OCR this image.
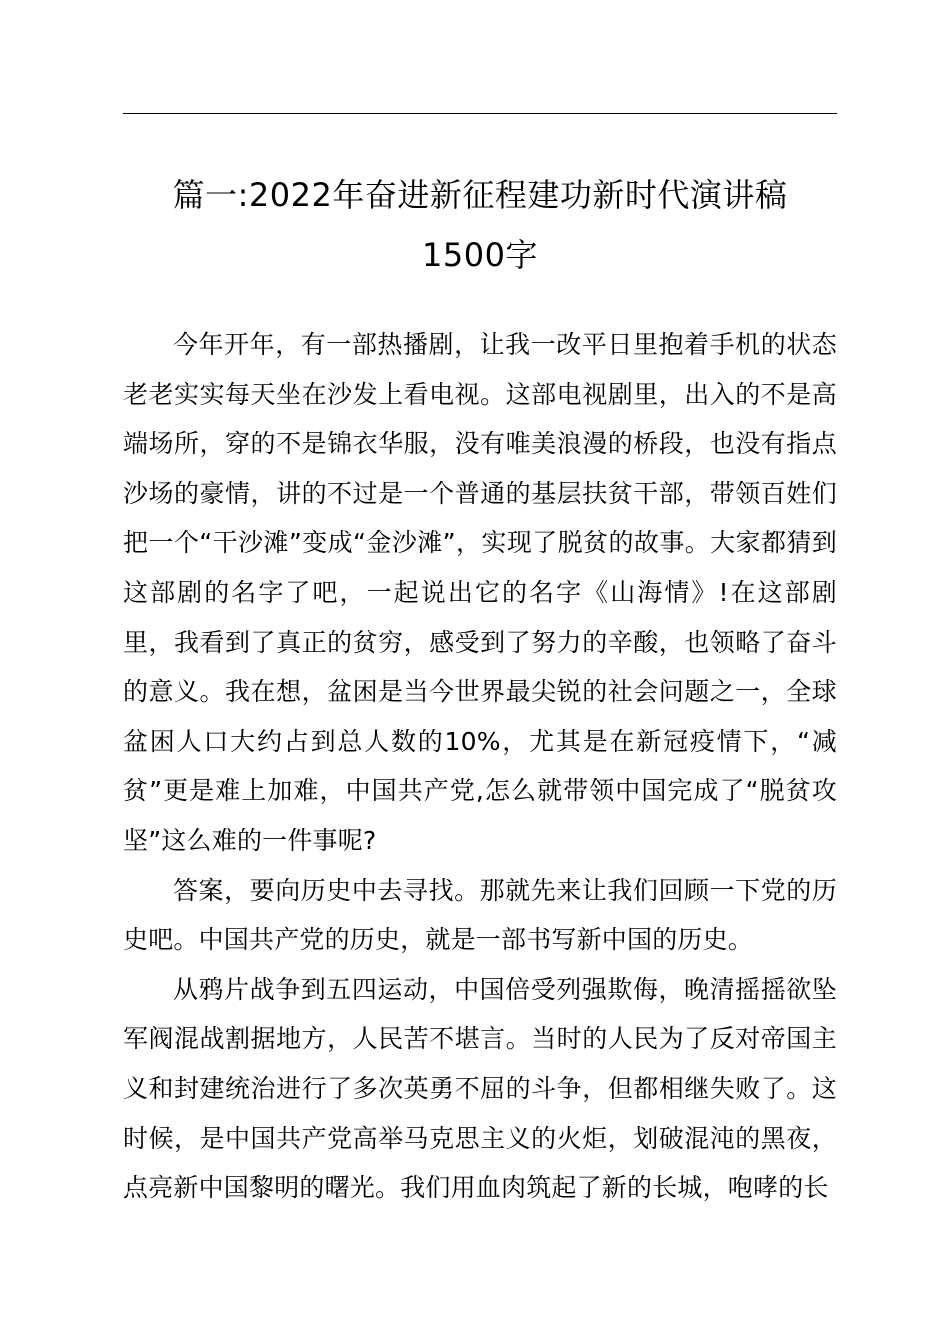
篇一:2022年奋进新征程建功新时代演讲稿
1500字

今年开年，有一部热播剧，让我一改平日里抱着手机的状态老老实实每天坐在沙发上看电视。这部电视剧里，出入的不是高端场所，穿的不是锦衣华服，没有唯美浪漫的桥段，也没有指点沙场的豪情，讲的不过是一个普通的基层扶贫干部，带领百姓们把一个“干沙滩”变成“金沙滩”，实现了脱贫的故事。大家都猜到这部剧的名字了吧，一起说出它的名字《山海情》!在这部剧里，我看到了真正的贫穷，感受到了努力的辛酸，也领略了奋斗的意义。我在想，盆困是当今世界最尖锐的社会问题之一，全球盆困人口大约占到总人数的10%，尤其是在新冠疫情下，“减贫”更是难上加难，中国共产党,怎么就带领中国完成了“脱贫攻坚”这么难的一件事呢?

答案，要向历史中去寻找。那就先来让我们回顾一下党的历史吧。中国共产党的历史，就是一部书写新中国的历史。

从鸦片战争到五四运动，中国倍受列强欺侮，晚清摇摇欲坠军阀混战割据地方，人民苦不堪言。当时的人民为了反对帝国主义和封建统治进行了多次英勇不屈的斗争，但都相继失败了。这时候，是中国共产党高举马克思主义的火炬，划破混沌的黑夜，点亮新中国黎明的曙光。我们用血肉筑起了新的长城，咆哮的长
